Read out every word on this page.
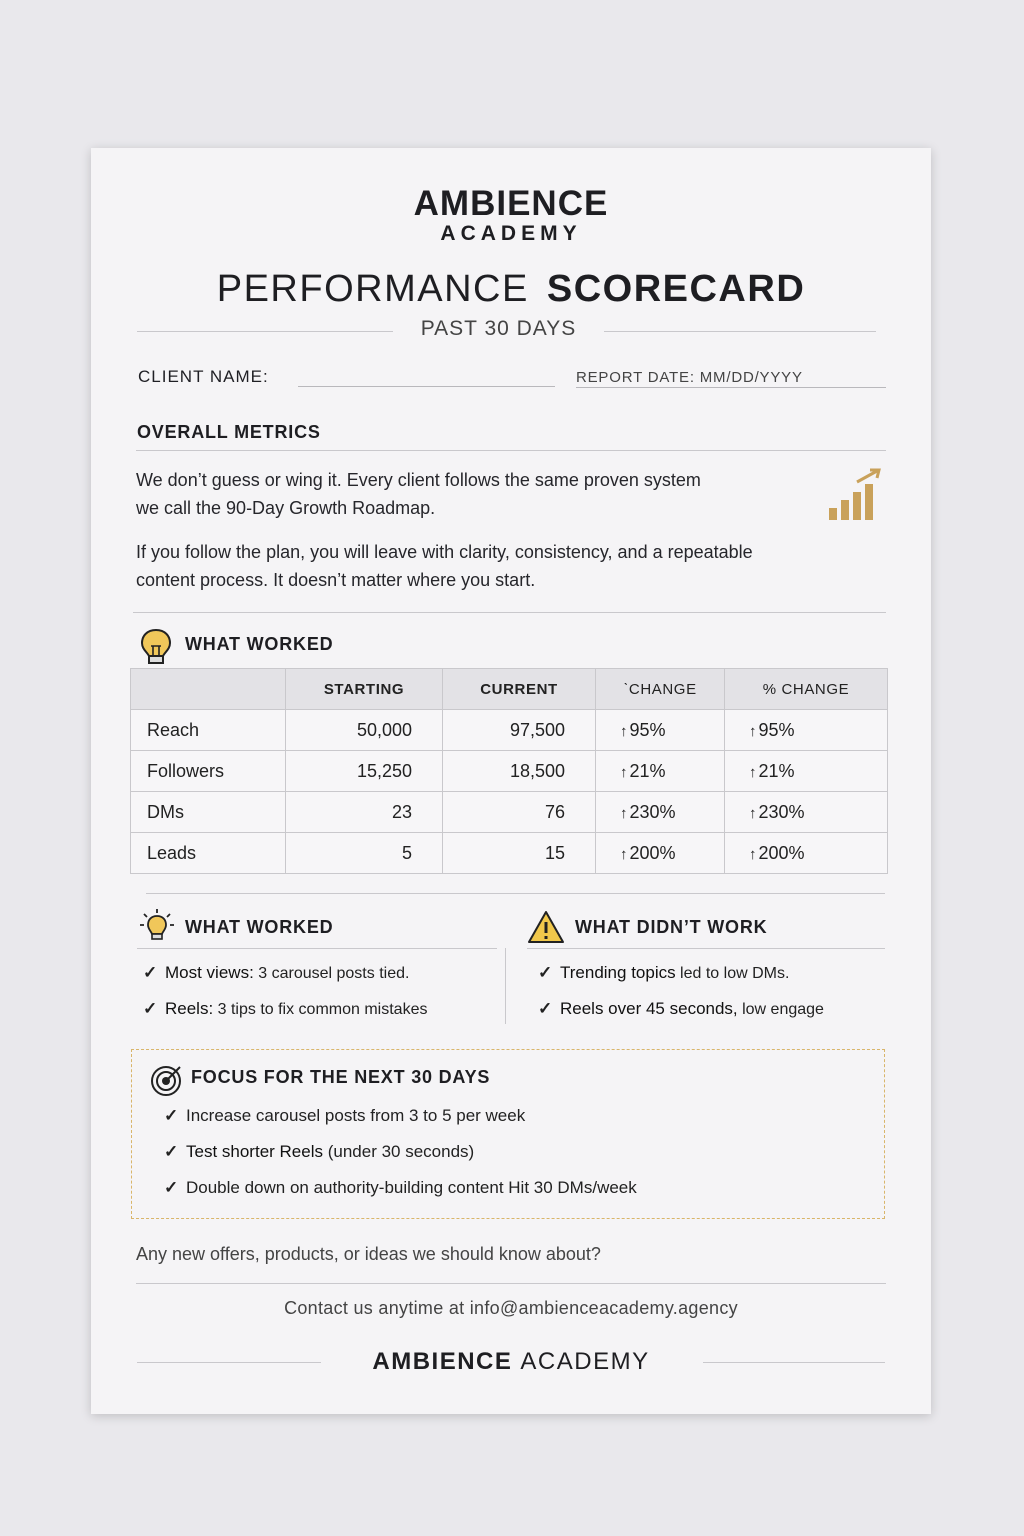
AMBIENCE
ACADEMY
PERFORMANCE SCORECARD
PAST 30 DAYS
CLIENT NAME:	REPORT DATE: MM/DD/YYYY
OVERALL METRICS
We don’t guess or wing it. Every client follows the same proven system
we call the 90-Day Growth Roadmap.
If you follow the plan, you will leave with clarity, consistency, and a repeatable
content process. It doesn’t matter where you start.
WHAT WORKED
	STARTING	CURRENT	ˋCHANGE	% CHANGE
Reach	50,000	97,500	↑ 95%	↑ 95%
Followers	15,250	18,500	↑ 21%	↑ 21%
DMs	23	76	↑ 230%	↑ 230%
Leads	5	15	↑ 200%	↑ 200%
WHAT WORKED
✓ Most views: 3 carousel posts tied.
✓ Reels: 3 tips to fix common mistakes
WHAT DIDN’T WORK
✓ Trending topics led to low DMs.
✓ Reels over 45 seconds, low engage
FOCUS FOR THE NEXT 30 DAYS
✓ Increase carousel posts from 3 to 5 per week
✓ Test shorter Reels (under 30 seconds)
✓ Double down on authority-building content Hit 30 DMs/week
Any new offers, products, or ideas we should know about?
Contact us anytime at info@ambienceacademy.agency
AMBIENCE ACADEMY
